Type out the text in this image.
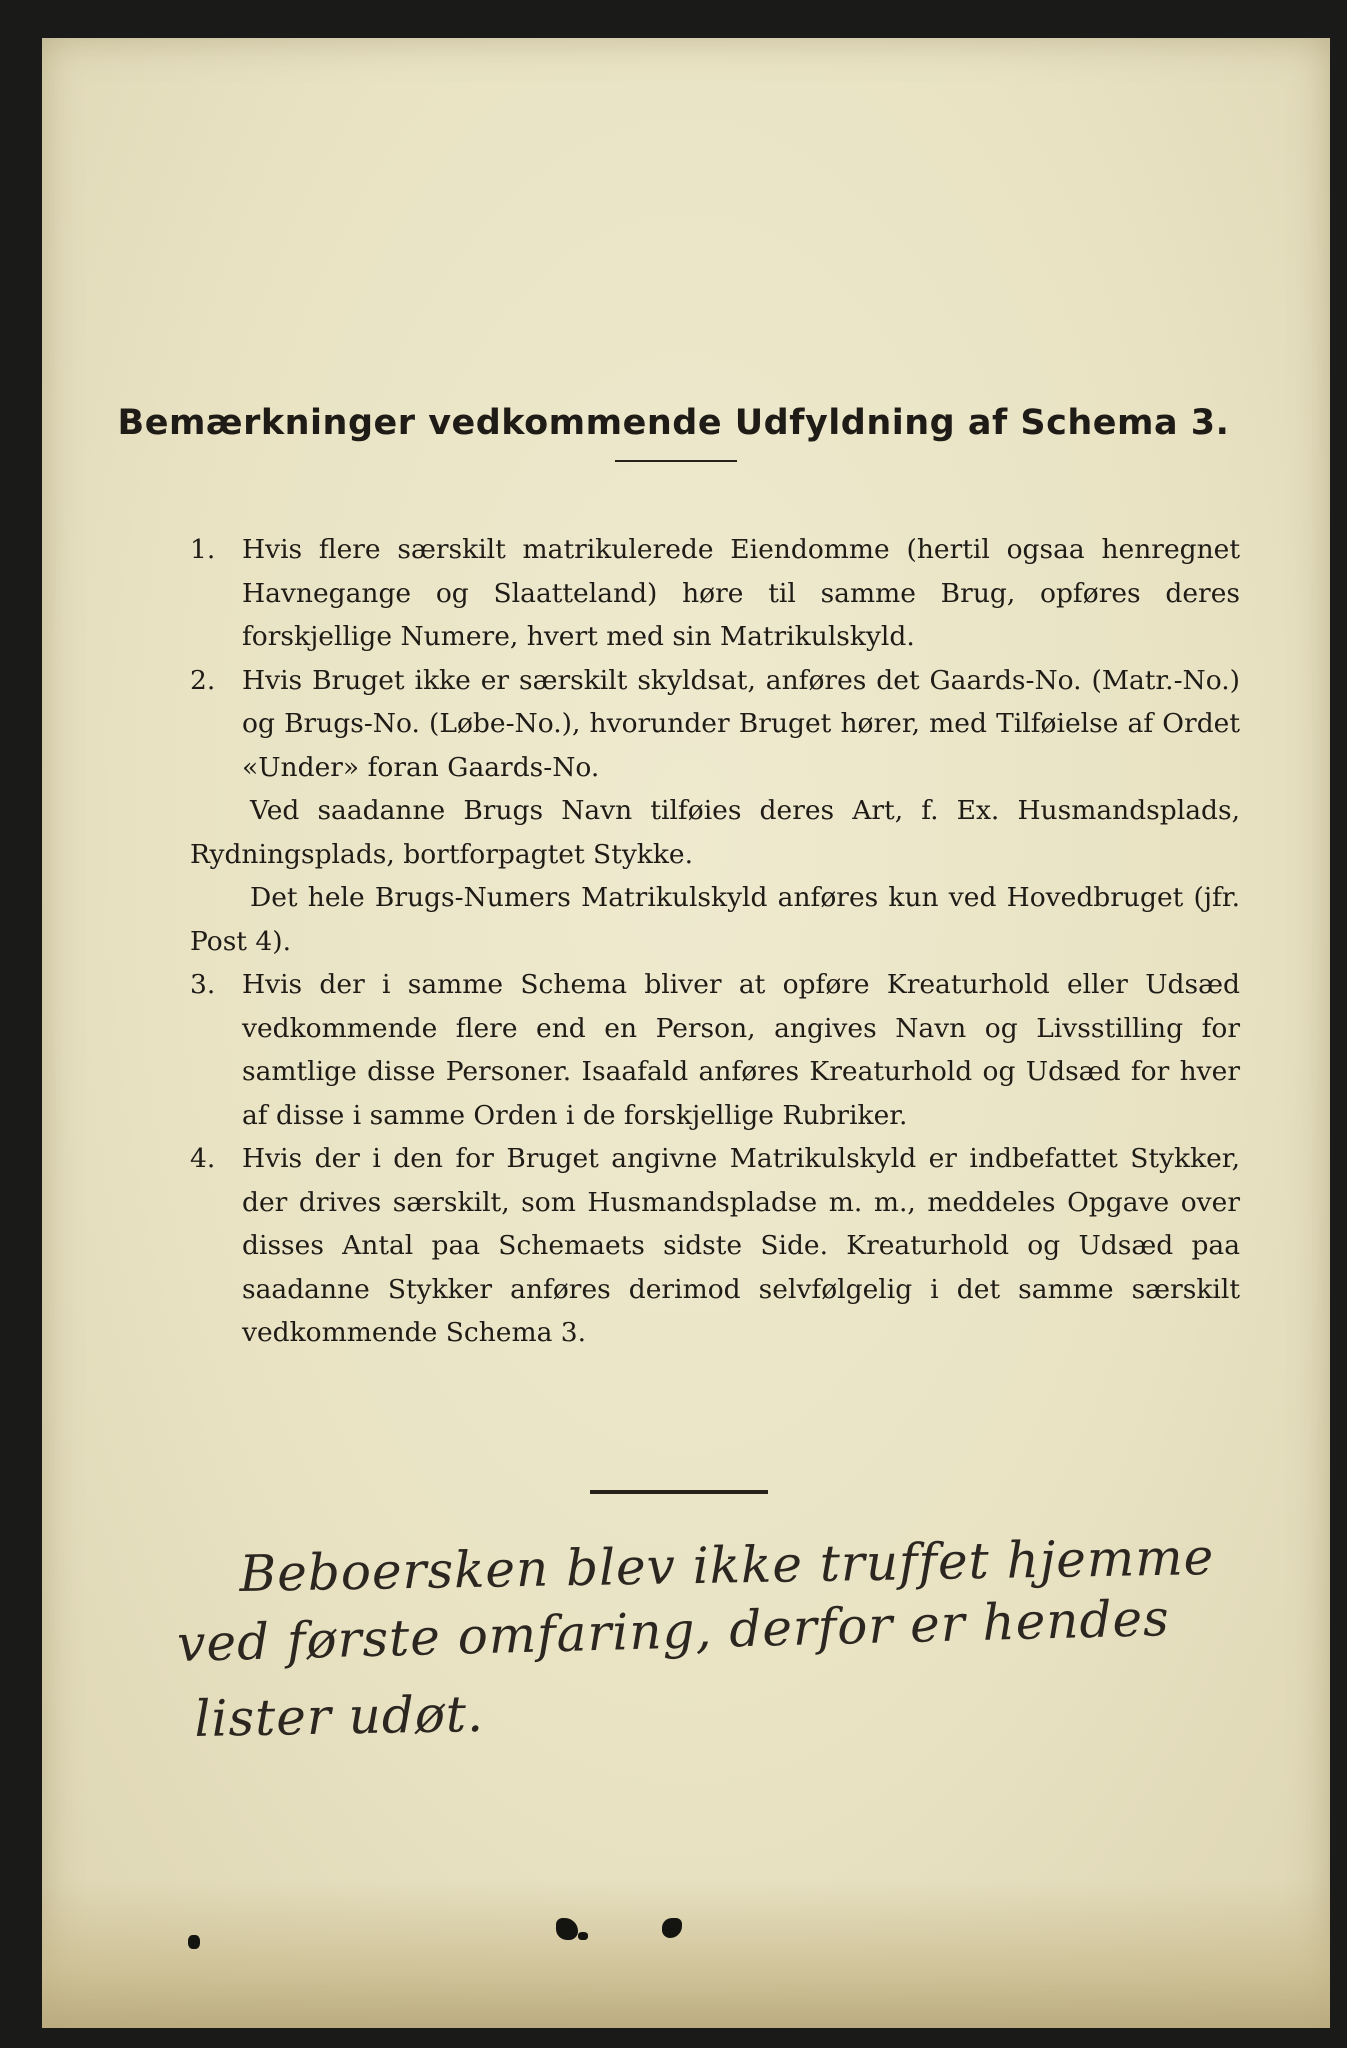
Bemærkninger vedkommende Udfyldning af Schema 3.
1.	Hvis flere særskilt matrikulerede Eiendomme (hertil ogsaa henregnet Havnegange og Slaatteland) høre til samme Brug, opføres deres forskjellige Numere, hvert med sin Matrikulskyld.

2.	Hvis Bruget ikke er særskilt skyldsat, anføres det Gaards-No. (Matr.-No.) og Brugs-No. (Løbe-No.), hvorunder Bruget hører, med Tilføielse af Ordet «Under» foran Gaards-No.

Ved saadanne Brugs Navn tilføies deres Art, f. Ex. Husmandsplads, Rydningsplads, bortforpagtet Stykke.

Det hele Brugs-Numers Matrikulskyld anføres kun ved Hovedbruget (jfr. Post 4).

3.	Hvis der i samme Schema bliver at opføre Kreaturhold eller Udsæd vedkommende flere end en Person, angives Navn og Livsstilling for samtlige disse Personer. Isaafald anføres Kreaturhold og Udsæd for hver af disse i samme Orden i de forskjellige Rubriker.

4.	Hvis der i den for Bruget angivne Matrikulskyld er indbefattet Stykker, der drives særskilt, som Husmandspladse m. m., meddeles Opgave over disses Antal paa Schemaets sidste Side. Kreaturhold og Udsæd paa saadanne Stykker anføres derimod selvfølgelig i det samme særskilt vedkommende Schema 3.

Beboersken blev ikke truffet hjemme
ved første omfaring, derfor er hendes
lister udøt.
